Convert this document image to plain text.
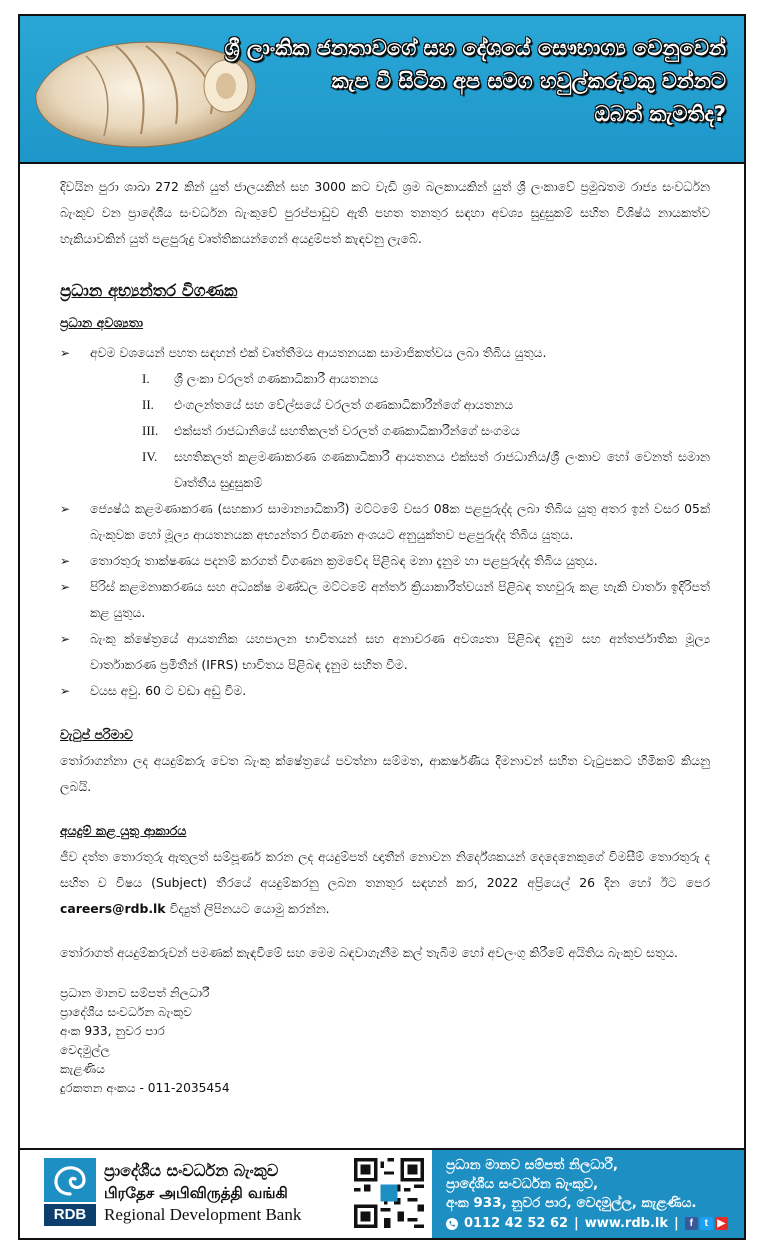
ශ්‍රී ලාංකික ජනතාවගේ සහ දේශයේ සෞභාග්‍ය වෙනුවෙන්
කැප වී සිටින අප සමග හවුල්කරුවකු වන්නට
ඔබත් කැමතිද?

දිවයින පුරා ශාඛා 272 කින් යුත් ජාලයකින් සහ 3000 කට වැඩි ශ්‍රම බලකායකින් යුත් ශ්‍රී ලංකාවේ ප්‍රමුඛතම රාජ්‍ය සංවර්ධන බැංකුව වන ප්‍රාදේශීය සංවර්ධන බැංකුවේ පුරප්පාඩුව ඇති පහත තනතුර සඳහා අවශ්‍ය සුදුසුකම් සහිත විශිෂ්ඨ නායකත්ව හැකියාවකින් යුත් පළපුරුදු වෘත්තිකයන්ගෙන් අයදුම්පත් කැඳවනු ලැබේ.

ප්‍රධාන අභ්‍යන්තර විගණක
ප්‍රධාන අවශ්‍යතා
➢ අවම වශයෙන් පහත සඳහන් එක් වෘත්තීමය ආයතනයක සාමාජිකත්වය ලබා තිබිය යුතුය.
I. ශ්‍රී ලංකා වරලත් ගණකාධිකාරී ආයතනය
II. එංගලන්තයේ සහ වේල්සයේ වරලත් ගණකාධිකාරීන්ගේ ආයතනය
III. එක්සත් රාජධානියේ සහතිකලත් වරලත් ගණකාධිකාරීන්ගේ සංගමය
IV. සහතිකලත් කළමණාකරණ ගණකාධිකාරී ආයතනය එක්සත් රාජධානිය/ශ්‍රී ලංකාව හෝ වෙනත් සමාන වෘත්තීය සුදුසුකම්
➢ ජ්‍යෙෂ්ඨ කළමණාකරණ (සහකාර සාමාන්‍යාධිකාරී) මට්ටමේ වසර 08ක පළපුරුද්ද ලබා තිබිය යුතු අතර ඉන් වසර 05ක් බැංකුවක හෝ මූල්‍ය ආයතනයක අභ්‍යන්තර විගණන අංශයට අනුයුක්තව පළපුරුද්ද තිබිය යුතුය.
➢ තොරතුරු තාක්ෂණය පදනම් කරගත් විගණන ක්‍රමවේද පිළිබඳ මනා දැනුම හා පළපුරුද්ද තිබිය යුතුය.
➢ පිරිස් කළමනාකරණය සහ අධ්‍යක්ෂ මණ්ඩල මට්ටමේ අන්තර් ක්‍රියාකාරීත්වයන් පිළිබඳ තහවුරු කළ හැකි වාර්තා ඉදිරිපත් කළ යුතුය.
➢ බැංකු ක්ෂේත්‍රයේ ආයතනික යහපාලන භාවිතයන් සහ අනාවරණ අවශ්‍යතා පිළිබඳ දැනුම සහ අන්තර්ජාතික මූල්‍ය වාර්තාකරණ ප්‍රමිතීන් (IFRS) භාවිතය පිළිබඳ දැනුම සහිත වීම.
➢ වයස අවු. 60 ට වඩා අඩු වීම.
වැටුප් පරිමාව

තෝරාගන්නා ලද අයදුම්කරු වෙත බැංකු ක්ෂේත්‍රයේ පවත්නා සම්මත, ආකර්ෂණීය දීමනාවන් සහිත වැටුපකට හිමිකම් කියනු ලබයි.

අයදුම් කළ යුතු ආකාරය

ජීව දත්ත තොරතුරු ඇතුලත් සම්පූර්ණ කරන ලද අයදුම්පත් ඥාතීන් නොවන නිර්දේශකයන් දෙදෙනෙකුගේ විමසීම් තොරතුරු ද සහිත ව විෂය (Subject) තීරයේ අයදුම්කරනු ලබන තනතුර සඳහන් කර, 2022 අප්‍රියෙල් 26 දින හෝ ඊට පෙර careers@rdb.lk විද්‍යුත් ලිපිනයට යොමු කරන්න.

තෝරාගත් අයදුම්කරුවන් පමණක් කැඳවීමේ සහ මෙම බඳවාගැනීම කල් තැබීම හෝ අවලංගු කිරීමේ අයිතිය බැංකුව සතුය.

ප්‍රධාන මානව සම්පත් නිලධාරී
ප්‍රාදේශීය සංවර්ධන බැංකුව
අංක 933, නුවර පාර
වෙදමුල්ල
කැළණිය
දුරකතන අංකය - 011-2035454
RDB
ප්‍රාදේශීය සංවර්ධන බැංකුව
பிரதேச அபிவிருத்தி வங்கி
Regional Development Bank
ප්‍රධාන මානව සම්පත් නිලධාරී,
ප්‍රාදේශීය සංවර්ධන බැංකුව,
අංක 933, නුවර පාර, වෙදමුල්ල, කැළණිය.
0112 42 52 62 | www.rdb.lk |	f	t ▶
